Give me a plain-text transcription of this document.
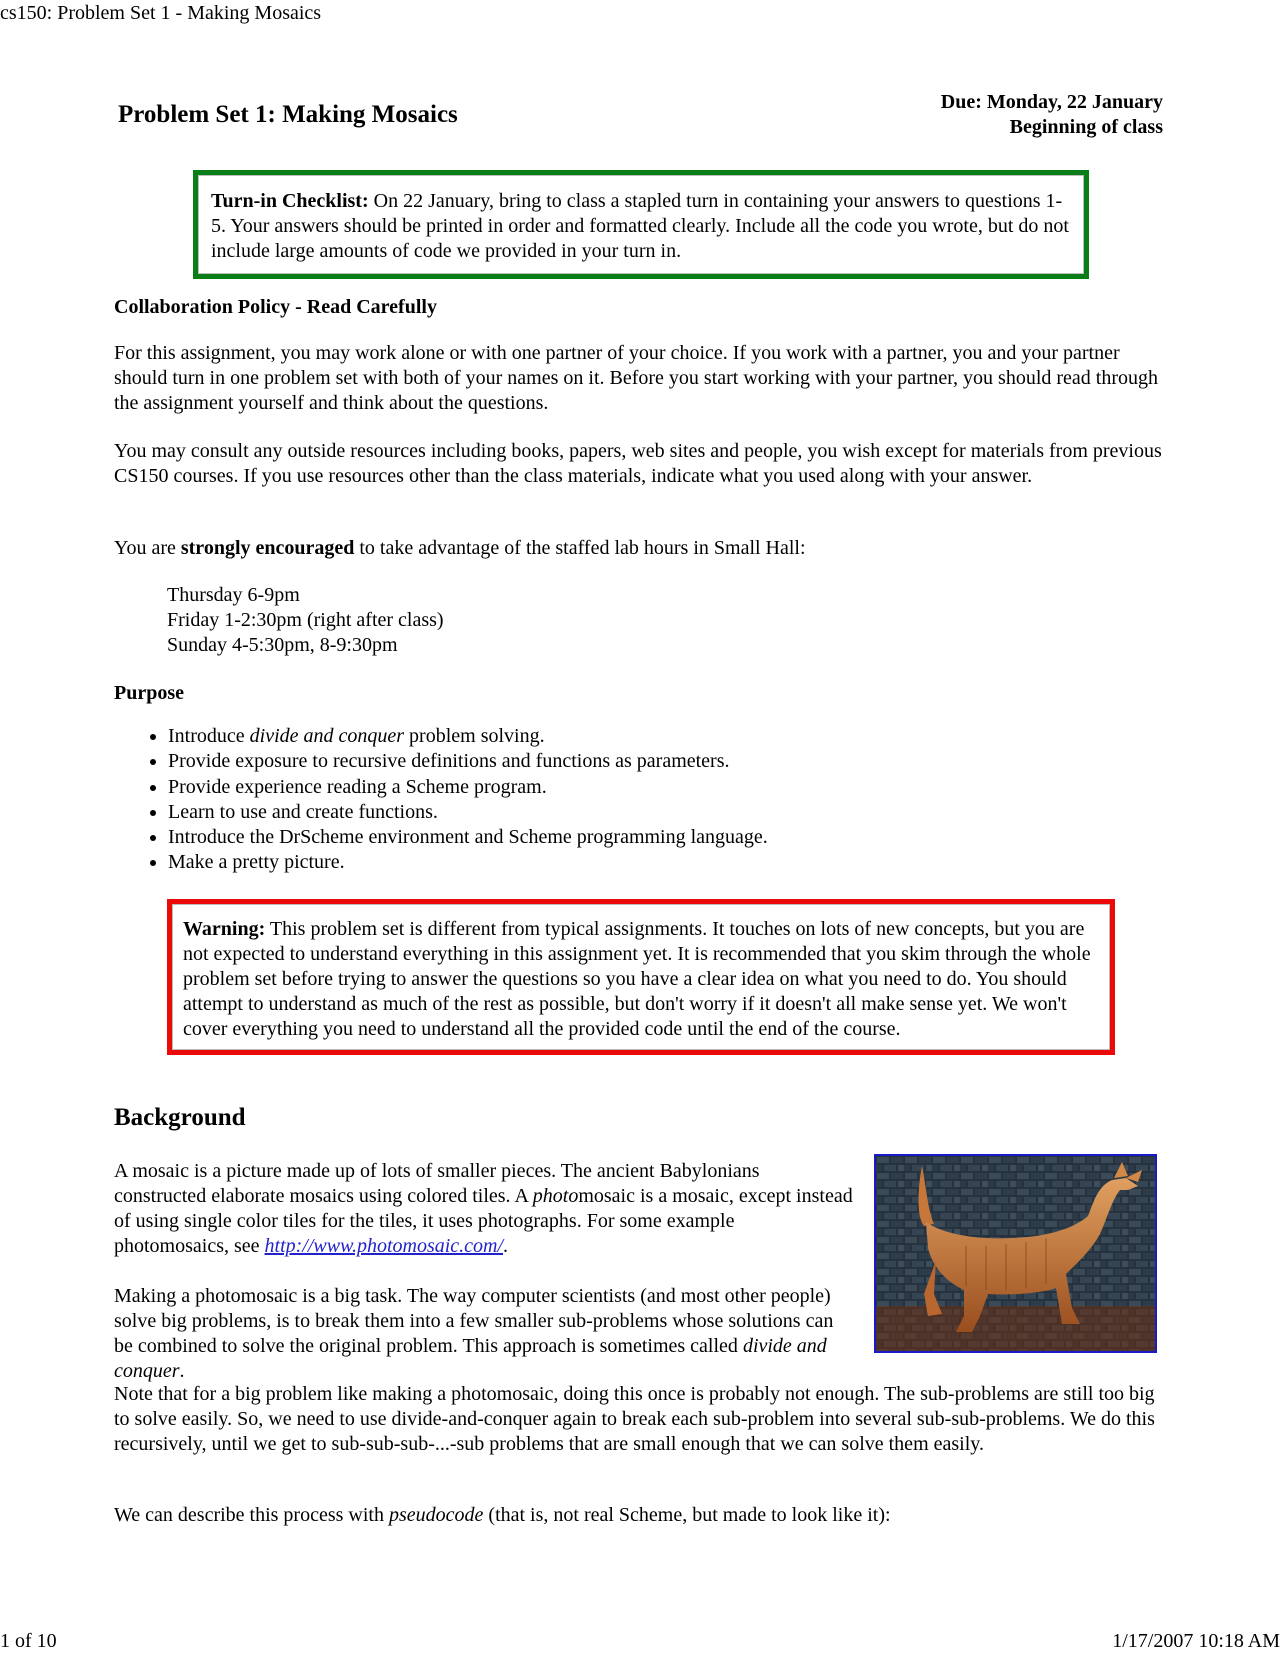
cs150: Problem Set 1 - Making Mosaics
Problem Set 1: Making Mosaics	Due: Monday, 22 January
Beginning of class
Turn-in Checklist: On 22 January, bring to class a stapled turn in containing your answers to questions 1-5. Your answers should be printed in order and formatted clearly. Include all the code you wrote, but do not include large amounts of code we provided in your turn in.
Collaboration Policy - Read Carefully

For this assignment, you may work alone or with one partner of your choice. If you work with a partner, you and your partner should turn in one problem set with both of your names on it. Before you start working with your partner, you should read through the assignment yourself and think about the questions.

You may consult any outside resources including books, papers, web sites and people, you wish except for materials from previous CS150 courses. If you use resources other than the class materials, indicate what you used along with your answer.

You are strongly encouraged to take advantage of the staffed lab hours in Small Hall:

Thursday 6-9pm
Friday 1-2:30pm (right after class)
Sunday 4-5:30pm, 8-9:30pm
Purpose
• Introduce divide and conquer problem solving.
• Provide exposure to recursive definitions and functions as parameters.
• Provide experience reading a Scheme program.
• Learn to use and create functions.
• Introduce the DrScheme environment and Scheme programming language.
• Make a pretty picture.
Warning: This problem set is different from typical assignments. It touches on lots of new concepts, but you are not expected to understand everything in this assignment yet. It is recommended that you skim through the whole problem set before trying to answer the questions so you have a clear idea on what you need to do. You should attempt to understand as much of the rest as possible, but don't worry if it doesn't all make sense yet. We won't cover everything you need to understand all the provided code until the end of the course.
Background

A mosaic is a picture made up of lots of smaller pieces. The ancient Babylonians constructed elaborate mosaics using colored tiles. A photomosaic is a mosaic, except instead of using single color tiles for the tiles, it uses photographs. For some example photomosaics, see http://www.photomosaic.com/.

Making a photomosaic is a big task. The way computer scientists (and most other people) solve big problems, is to break them into a few smaller sub-problems whose solutions can be combined to solve the original problem. This approach is sometimes called divide and conquer.

Note that for a big problem like making a photomosaic, doing this once is probably not enough. The sub-problems are still too big to solve easily. So, we need to use divide-and-conquer again to break each sub-problem into several sub-sub-problems. We do this recursively, until we get to sub-sub-sub-...-sub problems that are small enough that we can solve them easily.

We can describe this process with pseudocode (that is, not real Scheme, but made to look like it):

1 of 10	1/17/2007 10:18 AM
